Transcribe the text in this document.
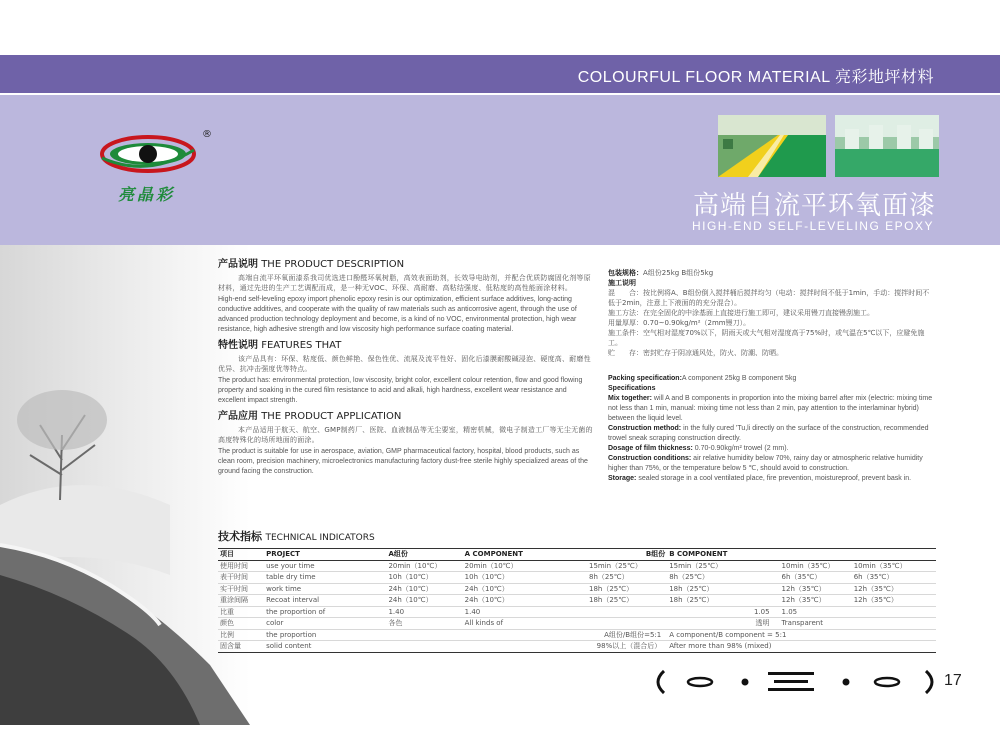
COLOURFUL FLOOR MATERIAL 亮彩地坪材料
亮晶彩
®
高端自流平环氧面漆
HIGH-END SELF-LEVELING EPOXY
产品说明 THE PRODUCT DESCRIPTION

高端自流平环氧面漆系我司优选进口酚醛环氧树脂，高效表面助剂，长效导电助剂，并配合优质防腐固化剂等原材料，通过先进的生产工艺调配而成，是一种无VOC、环保、高耐磨、高粘结强度、低粘度的高性能面涂材料。

High-end self-leveling epoxy import phenolic epoxy resin is our optimization, efficient surface additives, long-acting conductive additives, and cooperate with the quality of raw materials such as anticorrosive agent, through the use of advanced production technology deployment and become, is a kind of no VOC, environmental protection, high wear resistance, high adhesive strength and low viscosity high performance surface coating material.

特性说明 FEATURES THAT

该产品具有：环保、粘度低、颜色鲜艳、保色性优、流展及流平性好、固化后漆膜耐酸碱浸泡、硬度高、耐磨性优异、抗冲击强度优等特点。

The product has: environmental protection, low viscosity, bright color, excellent colour retention, flow and good flowing property and soaking in the cured film resistance to acid and alkali, high hardness, excellent wear resistance and excellent impact strength.

产品应用 THE PRODUCT APPLICATION

本产品适用于航天、航空、GMP制药厂、医院、血液制品等无尘要室，精密机械，微电子制造工厂等无尘无菌的高度特殊化的场所地面的面涂。

The product is suitable for use in aerospace, aviation, GMP pharmaceutical factory, hospital, blood products, such as clean room, precision machinery, microelectronics manufacturing factory dust-free sterile highly specialized areas of the ground facing the construction.

包装规格：A组份25kg B组份5kg

施工说明

混　　合：按比例将A、B组份倒入搅拌桶后搅拌均匀（电动：搅拌时间不低于1min，手动：搅拌时间不低于2min，注意上下液面的的充分混合）。

施工方法：在完全固化的中涂基面上直接进行施工即可，建议采用镘刀直接镘刮施工。

用量厚厚：0.70~0.90kg/m²（2mm镘刀）。

施工条件：空气相对湿度70%以下，阴雨天或大气相对湿度高于75%时，或气温在5℃以下，应避免施工。

贮　　存：密封贮存于阴凉通风处，防火、防潮、防晒。

Packing specification:A component 25kg B component 5kg

Specifications

Mix together: will A and B components in proportion into the mixing barrel after mix (electric: mixing time not less than 1 min, manual: mixing time not less than 2 min, pay attention to the interlaminar hybrid) between the liquid level.

Construction method: in the fully cured 'Tu,li directly on the surface of the construction, recommended trowel sneak scraping construction directly.

Dosage of film thickness: 0.70-0.90kg/m² trowel (2 mm).

Construction conditions: air relative humidity below 70%, rainy day or atmospheric relative humidity higher than 75%, or the temperature below 5 ℃, should avoid to construction.

Storage: sealed storage in a cool ventilated place, fire prevention, moistureproof, prevent bask in.

技术指标 TECHNICAL INDICATORS
项目	PROJECT	A组份	A COMPONENT	B组份	B COMPONENT		
使用时间	use your time	20min（10℃）	20min（10℃）	15min（25℃）	15min（25℃）	10min（35℃）	10min（35℃）
表干时间	table dry time	10h（10℃）	10h（10℃）	8h（25℃）	8h（25℃）	6h（35℃）	6h（35℃）
实干时间	work time	24h（10℃）	24h（10℃）	18h（25℃）	18h（25℃）	12h（35℃）	12h（35℃）
重涂间隔	Recoat interval	24h（10℃）	24h（10℃）	18h（25℃）	18h（25℃）	12h（35℃）	12h（35℃）
比重	the proportion of	1.40	1.40	1.05		1.05	
颜色	color	各色	All kinds of	透明		Transparent	
比例	the proportion	A组份/B组份=5:1			A component/B component = 5:1		
固含量	solid content	98%以上（混合后）			After more than 98% (mixed)		
17
